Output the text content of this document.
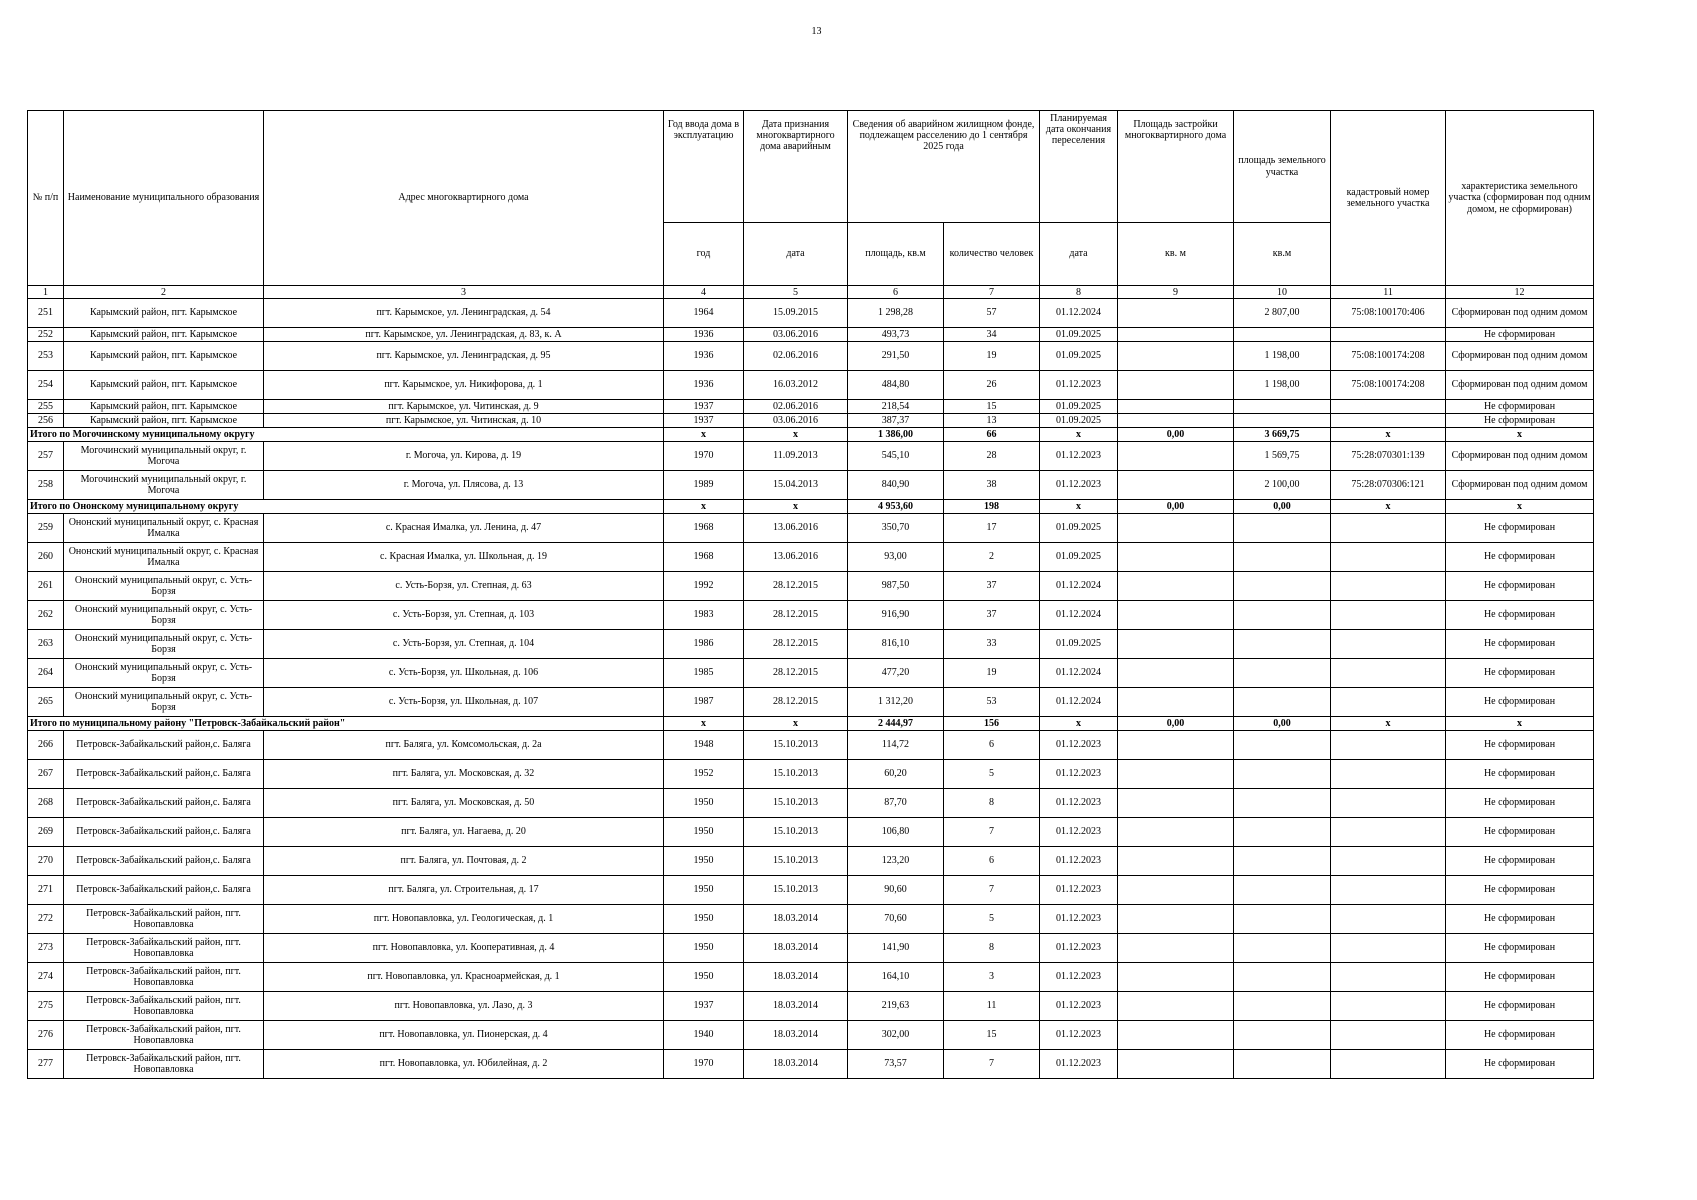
13
№ п/п	Наименование муниципального образования	Адрес многоквартирного дома	Год ввода дома в эксплуатацию	Дата признания многоквартирного дома аварийным	Сведения об аварийном жилищном фонде, подлежащем расселению до 1 сентября 2025 года		Планируемая дата окончания переселения	Площадь застройки многоквартирного дома	площадь земельного участка	кадастровый номер земельного участка	характеристика земельного участка (сформирован под одним домом, не сформирован)
			год	дата	площадь, кв.м	количество человек	дата	кв. м	кв.м		
1	2	3	4	5	6	7	8	9	10	11	12
251	Карымский район, пгт. Карымское	пгт. Карымское, ул. Ленинградская, д. 54	1964	15.09.2015	1 298,28	57	01.12.2024		2 807,00	75:08:100170:406	Сформирован под одним домом
252	Карымский район, пгт. Карымское	пгт. Карымское, ул. Ленинградская, д. 83, к. А	1936	03.06.2016	493,73	34	01.09.2025				Не сформирован
253	Карымский район, пгт. Карымское	пгт. Карымское, ул. Ленинградская, д. 95	1936	02.06.2016	291,50	19	01.09.2025		1 198,00	75:08:100174:208	Сформирован под одним домом
254	Карымский район, пгт. Карымское	пгт. Карымское, ул. Никифорова, д. 1	1936	16.03.2012	484,80	26	01.12.2023		1 198,00	75:08:100174:208	Сформирован под одним домом
255	Карымский район, пгт. Карымское	пгт. Карымское, ул. Читинская, д. 9	1937	02.06.2016	218,54	15	01.09.2025				Не сформирован
256	Карымский район, пгт. Карымское	пгт. Карымское, ул. Читинская, д. 10	1937	03.06.2016	387,37	13	01.09.2025				Не сформирован
Итого по Могочинскому муниципальному округу			x	x	1 386,00	66	x	0,00	3 669,75	x	x
257	Могочинский муниципальный округ, г. Могоча	г. Могоча, ул. Кирова, д. 19	1970	11.09.2013	545,10	28	01.12.2023		1 569,75	75:28:070301:139	Сформирован под одним домом
258	Могочинский муниципальный округ, г. Могоча	г. Могоча, ул. Плясова, д. 13	1989	15.04.2013	840,90	38	01.12.2023		2 100,00	75:28:070306:121	Сформирован под одним домом
Итого по Ононскому муниципальному округу			x	x	4 953,60	198	x	0,00	0,00	x	x
259	Ононский муниципальный округ, с. Красная Ималка	с. Красная Ималка, ул. Ленина, д. 47	1968	13.06.2016	350,70	17	01.09.2025				Не сформирован
260	Ононский муниципальный округ, с. Красная Ималка	с. Красная Ималка, ул. Школьная, д. 19	1968	13.06.2016	93,00	2	01.09.2025				Не сформирован
261	Ононский муниципальный округ, с. Усть-Борзя	с. Усть-Борзя, ул. Степная, д. 63	1992	28.12.2015	987,50	37	01.12.2024				Не сформирован
262	Ононский муниципальный округ, с. Усть-Борзя	с. Усть-Борзя, ул. Степная, д. 103	1983	28.12.2015	916,90	37	01.12.2024				Не сформирован
263	Ононский муниципальный округ, с. Усть-Борзя	с. Усть-Борзя, ул. Степная, д. 104	1986	28.12.2015	816,10	33	01.09.2025				Не сформирован
264	Ононский муниципальный округ, с. Усть-Борзя	с. Усть-Борзя, ул. Школьная, д. 106	1985	28.12.2015	477,20	19	01.12.2024				Не сформирован
265	Ононский муниципальный округ, с. Усть-Борзя	с. Усть-Борзя, ул. Школьная, д. 107	1987	28.12.2015	1 312,20	53	01.12.2024				Не сформирован
Итого по муниципальному району "Петровск-Забайкальский район"			x	x	2 444,97	156	x	0,00	0,00	x	x
266	Петровск-Забайкальский район,с. Балягa	пгт. Балягa, ул. Комсомольская, д. 2а	1948	15.10.2013	114,72	6	01.12.2023				Не сформирован
267	Петровск-Забайкальский район,с. Балягa	пгт. Балягa, ул. Московская, д. 32	1952	15.10.2013	60,20	5	01.12.2023				Не сформирован
268	Петровск-Забайкальский район,с. Балягa	пгт. Балягa, ул. Московская, д. 50	1950	15.10.2013	87,70	8	01.12.2023				Не сформирован
269	Петровск-Забайкальский район,с. Балягa	пгт. Балягa, ул. Нагаева, д. 20	1950	15.10.2013	106,80	7	01.12.2023				Не сформирован
270	Петровск-Забайкальский район,с. Балягa	пгт. Балягa, ул. Почтовая, д. 2	1950	15.10.2013	123,20	6	01.12.2023				Не сформирован
271	Петровск-Забайкальский район,с. Балягa	пгт. Балягa, ул. Строительная, д. 17	1950	15.10.2013	90,60	7	01.12.2023				Не сформирован
272	Петровск-Забайкальский район, пгт. Новопавловка	пгт. Новопавловка, ул. Геологическая, д. 1	1950	18.03.2014	70,60	5	01.12.2023				Не сформирован
273	Петровск-Забайкальский район, пгт. Новопавловка	пгт. Новопавловка, ул. Кооперативная, д. 4	1950	18.03.2014	141,90	8	01.12.2023				Не сформирован
274	Петровск-Забайкальский район, пгт. Новопавловка	пгт. Новопавловка, ул. Красноармейская, д. 1	1950	18.03.2014	164,10	3	01.12.2023				Не сформирован
275	Петровск-Забайкальский район, пгт. Новопавловка	пгт. Новопавловка, ул. Лазо, д. 3	1937	18.03.2014	219,63	11	01.12.2023				Не сформирован
276	Петровск-Забайкальский район, пгт. Новопавловка	пгт. Новопавловка, ул. Пионерская, д. 4	1940	18.03.2014	302,00	15	01.12.2023				Не сформирован
277	Петровск-Забайкальский район, пгт. Новопавловка	пгт. Новопавловка, ул. Юбилейная, д. 2	1970	18.03.2014	73,57	7	01.12.2023				Не сформирован
